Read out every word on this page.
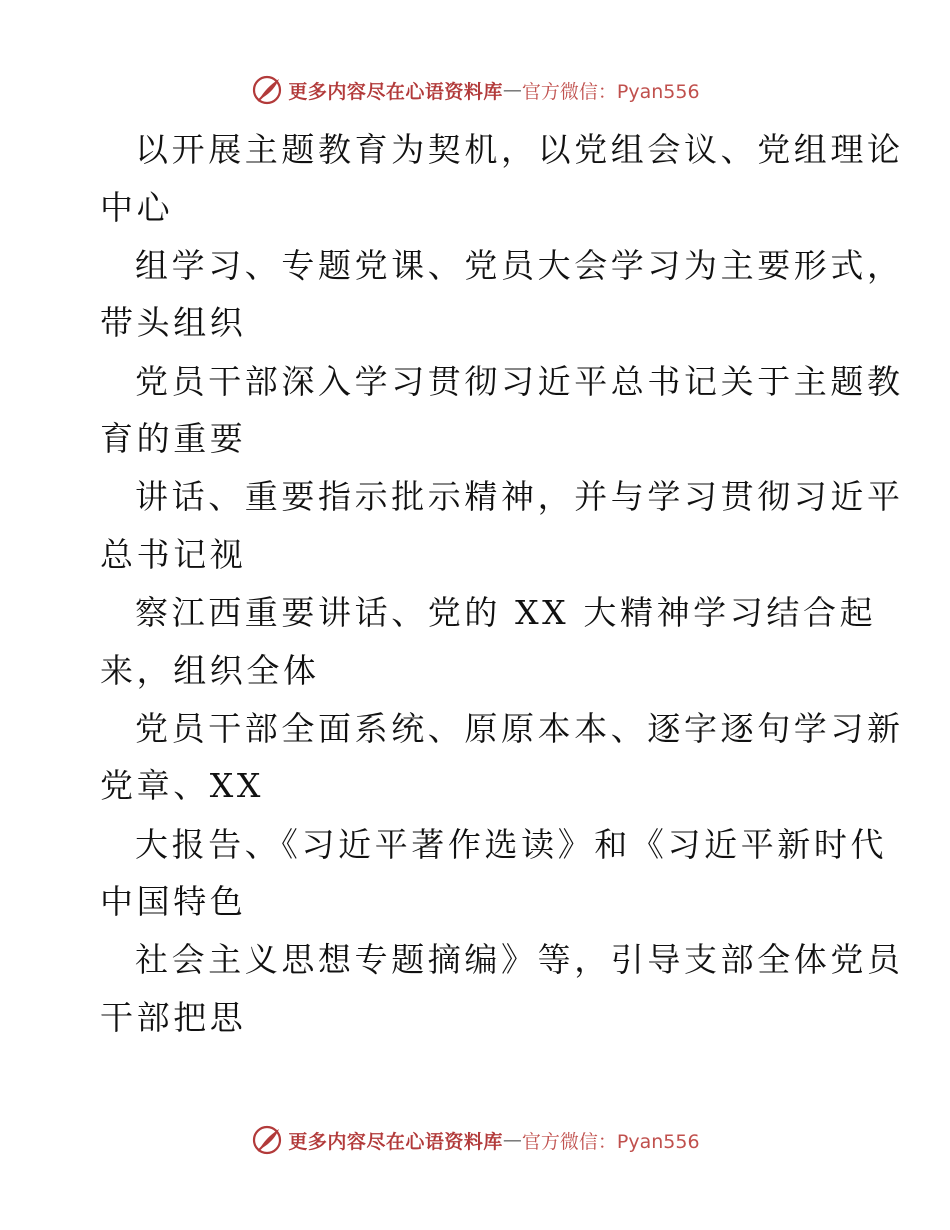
更多内容尽在心语资料库 — 官方微信：Pyan556
以开展主题教育为契机，以党组会议、党组理论
中心
组学习、专题党课、党员大会学习为主要形式，
带头组织
党员干部深入学习贯彻习近平总书记关于主题教
育的重要
讲话、重要指示批示精神，并与学习贯彻习近平
总书记视
察江西重要讲话、党的 XX 大精神学习结合起
来，组织全体
党员干部全面系统、原原本本、逐字逐句学习新
党章、XX
大报告、《习近平著作选读》和《习近平新时代
中国特色
社会主义思想专题摘编》等，引导支部全体党员
干部把思
更多内容尽在心语资料库 — 官方微信：Pyan556
